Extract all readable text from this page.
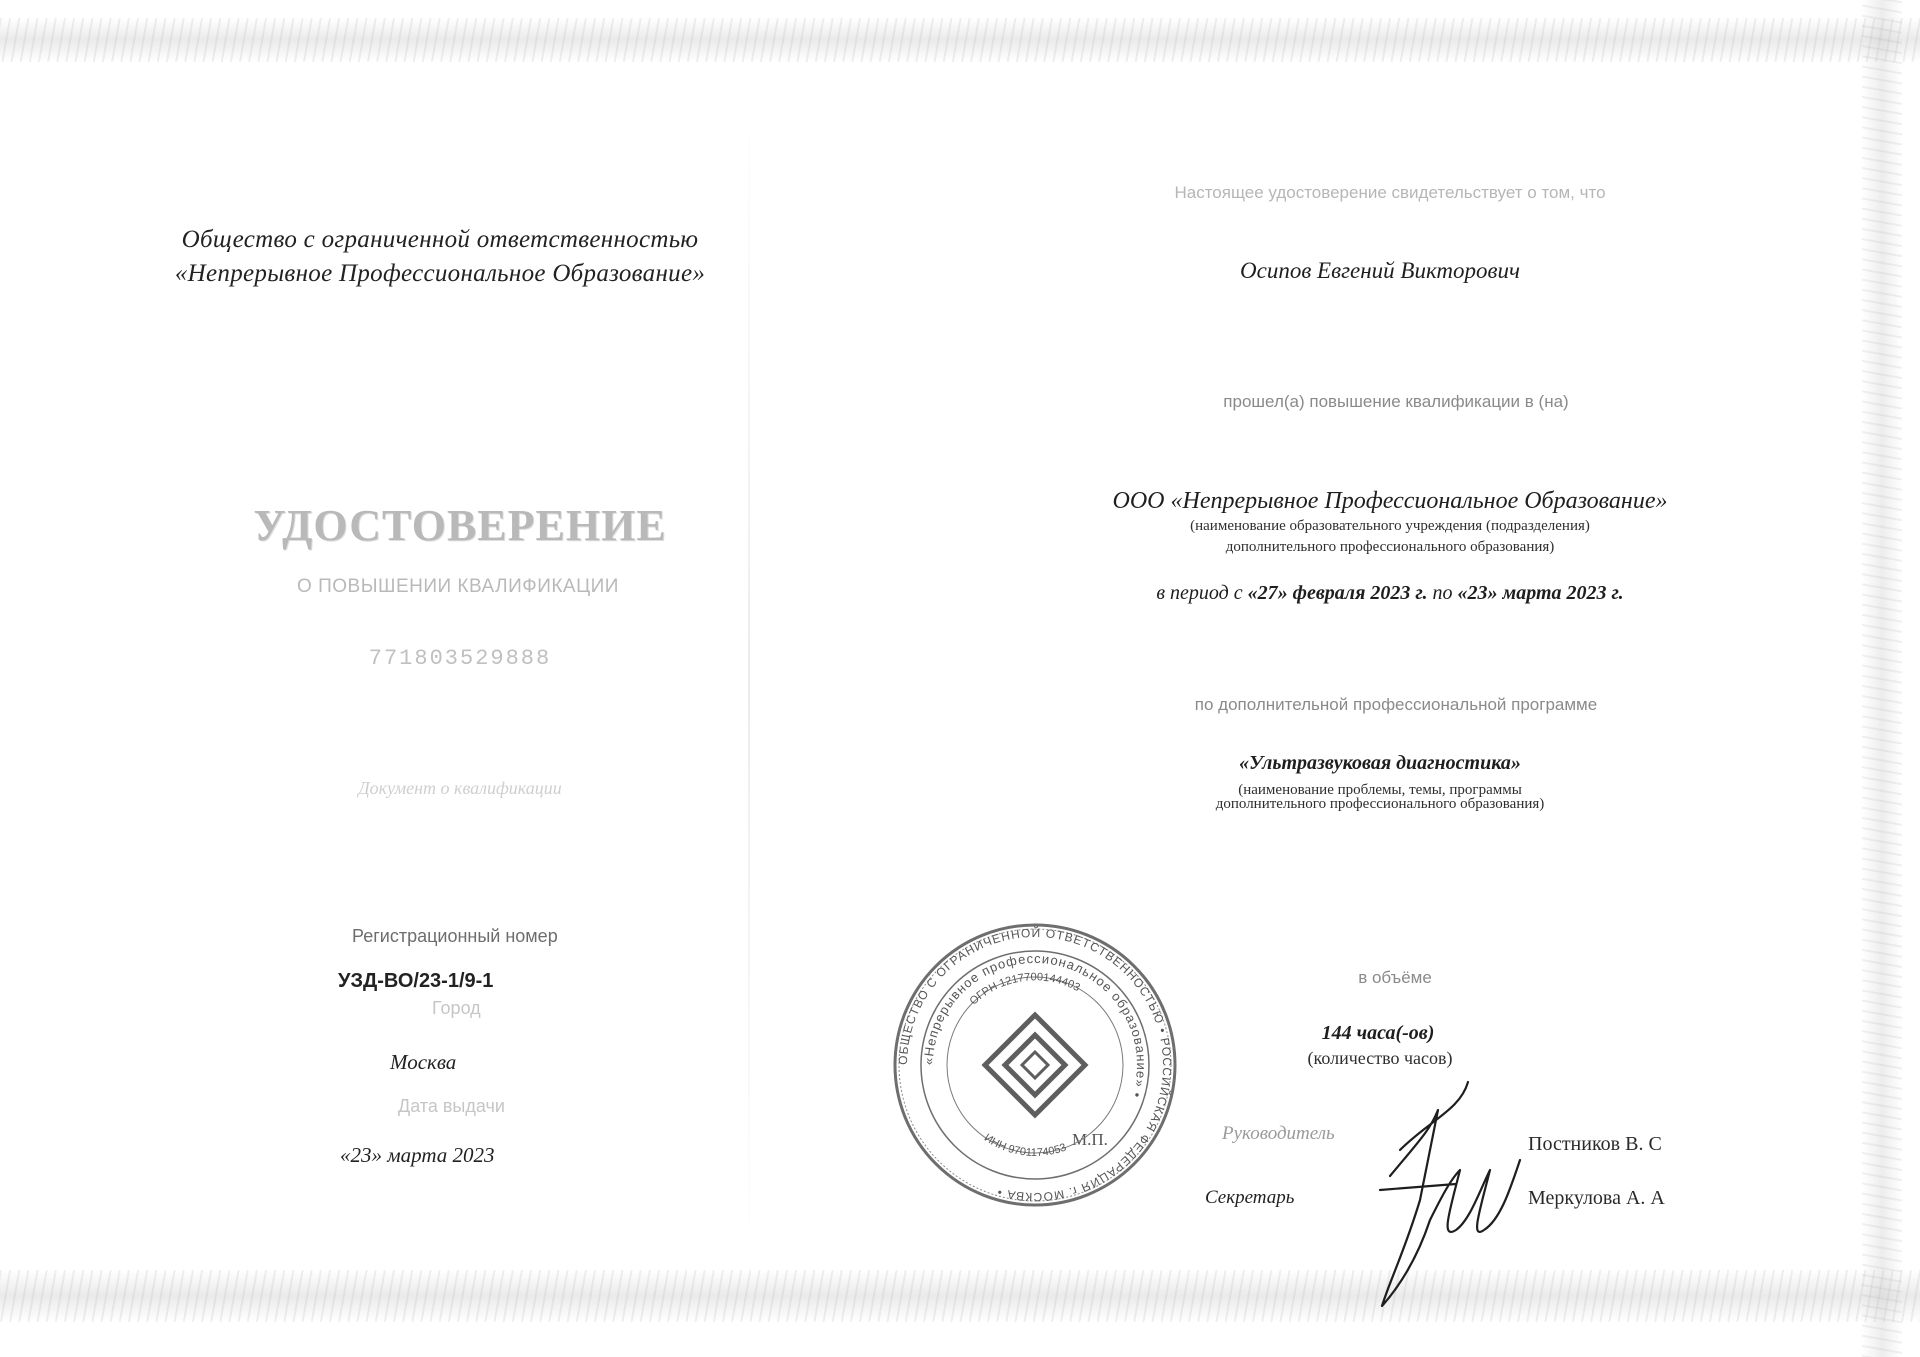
Общество с ограниченной ответственностью
«Непрерывное Профессиональное Образование»
УДОСТОВЕРЕНИЕ
О ПОВЫШЕНИИ КВАЛИФИКАЦИИ
771803529888
Документ о квалификации
Регистрационный номер
УЗД-ВО/23-1/9-1
Город
Москва
Дата выдачи
«23» марта 2023
Настоящее удостоверение свидетельствует о том, что
Осипов Евгений Викторович
прошел(а) повышение квалификации в (на)
ООО «Непрерывное Профессиональное Образование»
(наименование образовательного учреждения (подразделения)
дополнительного профессионального образования)
в период с «27» февраля 2023 г. по «23» марта 2023 г.
по дополнительной профессиональной программе
«Ультразвуковая диагностика»
(наименование проблемы, темы, программы
дополнительного профессионального образования)
в объёме
144 часа(-ов)
(количество часов)
Руководитель	Постников В. С
Секретарь	Меркулова А. А
М.П.
ОБЩЕСТВО С ОГРАНИЧЕННОЙ ОТВЕТСТВЕННОСТЬЮ • РОССИЙСКАЯ ФЕДЕРАЦИЯ г. МОСКВА •
«Непрерывное профессиональное образование» •
ОГРН 1217700144403
ИНН 9701174053
